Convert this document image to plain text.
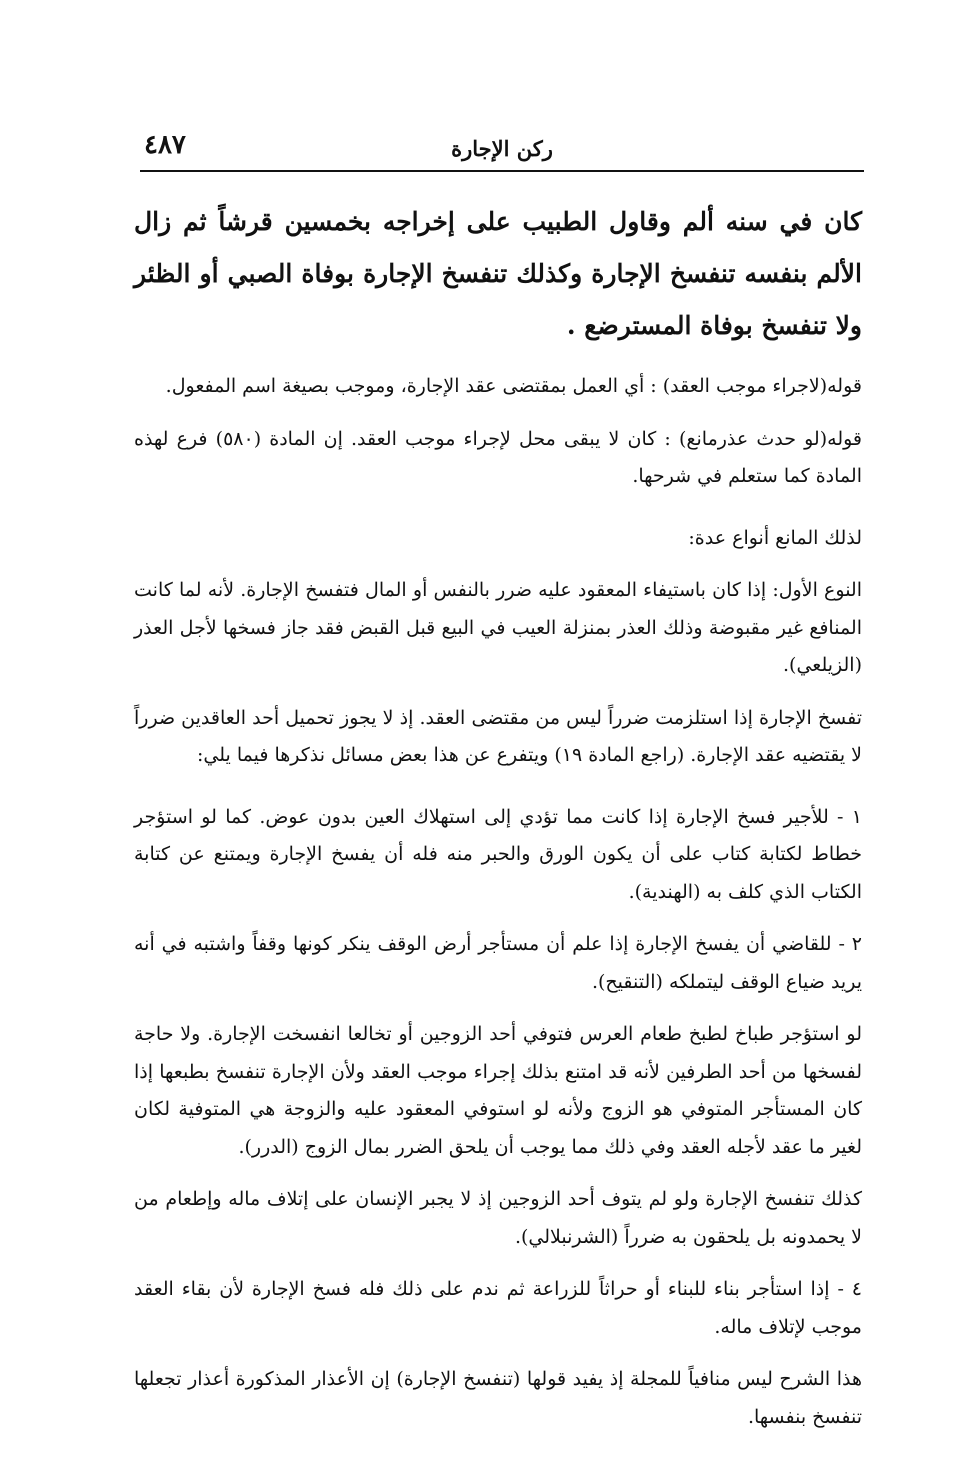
٤٨٧	ركن الإجارة

كان في سنه ألم وقاول الطبيب على إخراجه بخمسين قرشاً ثم زال الألم بنفسه تنفسخ الإجارة وكذلك تنفسخ الإجارة بوفاة الصبي أو الظئر ولا تنفسخ بوفاة المسترضع .

قوله(لاجراء موجب العقد) : أي العمل بمقتضى عقد الإجارة، وموجب بصيغة اسم المفعول.

قوله(لو حدث عذرمانع) : كان لا يبقى محل لإجراء موجب العقد. إن المادة (٥٨٠) فرع لهذه المادة كما ستعلم في شرحها.

لذلك المانع أنواع عدة:

النوع الأول: إذا كان باستيفاء المعقود عليه ضرر بالنفس أو المال فتفسخ الإجارة. لأنه لما كانت المنافع غير مقبوضة وذلك العذر بمنزلة العيب في البيع قبل القبض فقد جاز فسخها لأجل العذر (الزيلعي).

تفسخ الإجارة إذا استلزمت ضرراً ليس من مقتضى العقد. إذ لا يجوز تحميل أحد العاقدين ضرراً لا يقتضيه عقد الإجارة. (راجع المادة ١٩) ويتفرع عن هذا بعض مسائل نذكرها فيما يلي:

١ - للأجير فسخ الإجارة إذا كانت مما تؤدي إلى استهلاك العين بدون عوض. كما لو استؤجر خطاط لكتابة كتاب على أن يكون الورق والحبر منه فله أن يفسخ الإجارة ويمتنع عن كتابة الكتاب الذي كلف به (الهندية).

٢ - للقاضي أن يفسخ الإجارة إذا علم أن مستأجر أرض الوقف ينكر كونها وقفاً واشتبه في أنه يريد ضياع الوقف ليتملكه (التنقيح).

لو استؤجر طباخ لطبخ طعام العرس فتوفي أحد الزوجين أو تخالعا انفسخت الإجارة. ولا حاجة لفسخها من أحد الطرفين لأنه قد امتنع بذلك إجراء موجب العقد ولأن الإجارة تنفسخ بطبعها إذا كان المستأجر المتوفي هو الزوج ولأنه لو استوفي المعقود عليه والزوجة هي المتوفية لكان لغير ما عقد لأجله العقد وفي ذلك مما يوجب أن يلحق الضرر بمال الزوج (الدرر).

كذلك تنفسخ الإجارة ولو لم يتوف أحد الزوجين إذ لا يجبر الإنسان على إتلاف ماله وإطعام من لا يحمدونه بل يلحقون به ضرراً (الشرنبلالي).

٤ - إذا استأجر بناء للبناء أو حراثاً للزراعة ثم ندم على ذلك فله فسخ الإجارة لأن بقاء العقد موجب لإتلاف ماله.

هذا الشرح ليس منافياً للمجلة إذ يفيد قولها (تنفسخ الإجارة) إن الأعذار المذكورة أعذار تجعلها تنفسخ بنفسها.
